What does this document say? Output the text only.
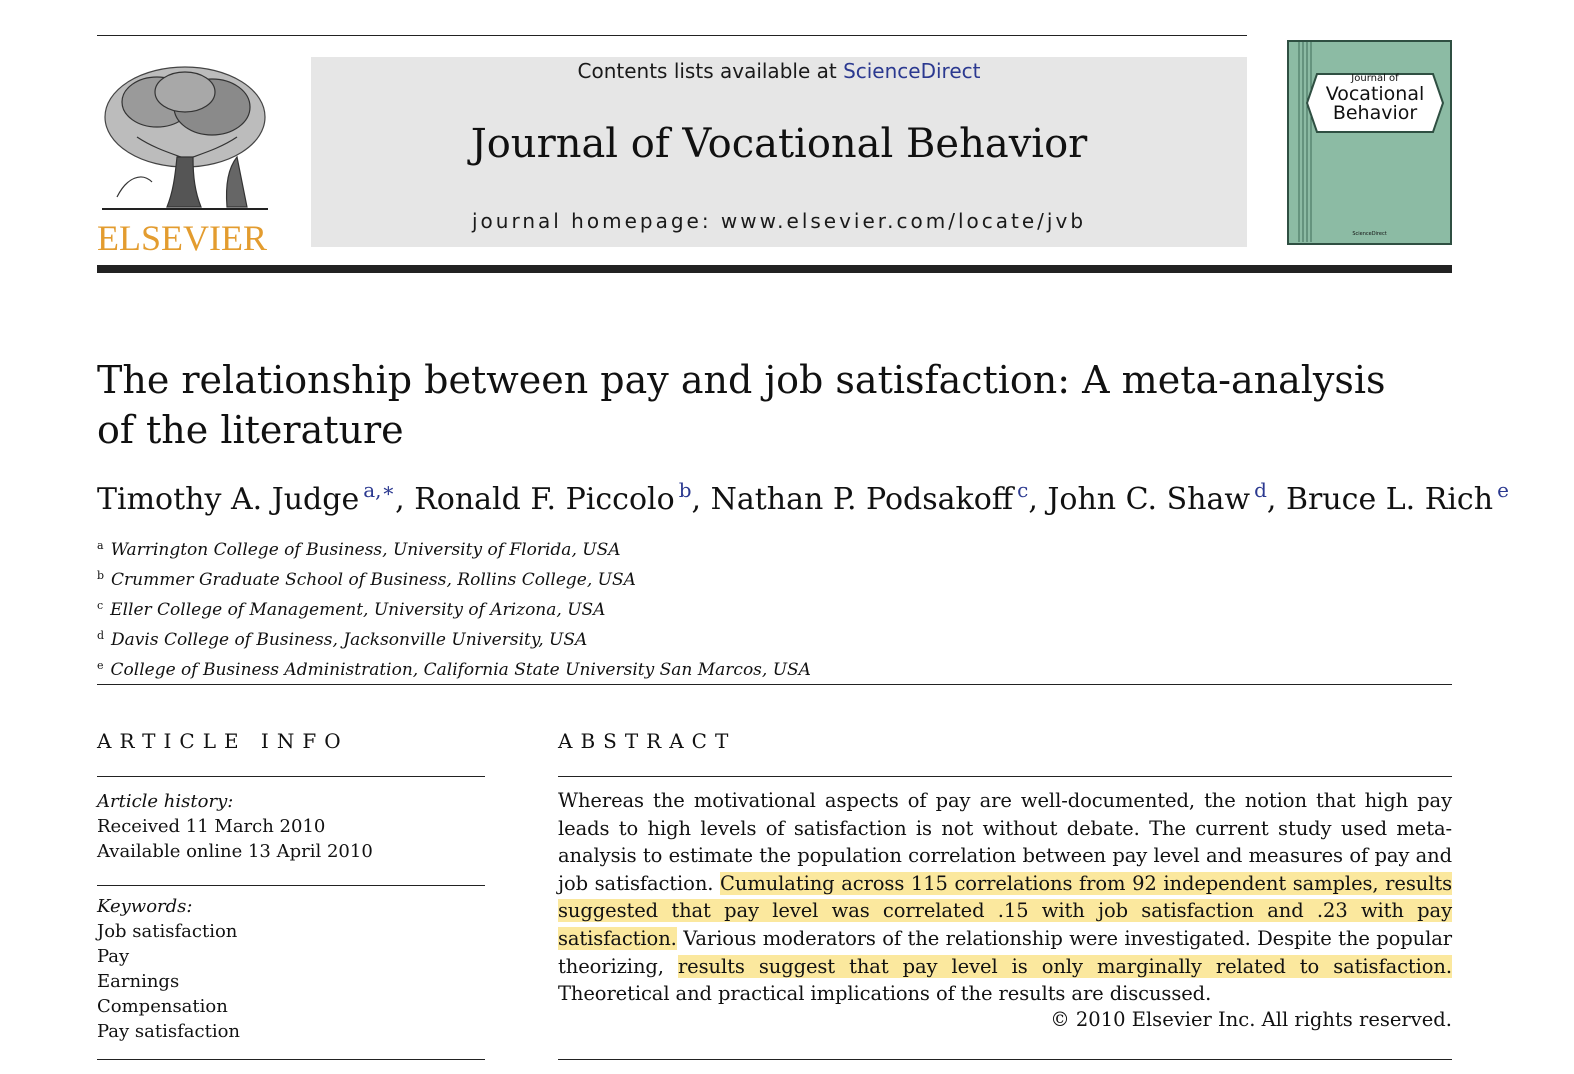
ELSEVIER
Contents lists available at ScienceDirect
Journal of Vocational Behavior
journal homepage: www.elsevier.com/locate/jvb
Journal of
Vocational
Behavior
ScienceDirect
The relationship between pay and job satisfaction: A meta-analysis
of the literature
Timothy A. Judge $^{a,∗}$, Ronald F. Piccolo $^b$, Nathan P. Podsakoff $^c$, John C. Shaw $^d$, Bruce L. Rich $^e$
$^a$ Warrington College of Business, University of Florida, USA
$^b$ Crummer Graduate School of Business, Rollins College, USA
$^c$ Eller College of Management, University of Arizona, USA
$^d$ Davis College of Business, Jacksonville University, USA
$^e$ College of Business Administration, California State University San Marcos, USA
ARTICLE INFO
Article history:
Received 11 March 2010
Available online 13 April 2010
Keywords:
Job satisfaction
Pay
Earnings
Compensation
Pay satisfaction
ABSTRACT
Whereas the motivational aspects of pay are well-documented, the notion that high pay leads to high levels of satisfaction is not without debate. The current study used meta-analysis to estimate the population correlation between pay level and measures of pay and job satisfaction. Cumulating across 115 correlations from 92 independent samples, results suggested that pay level was correlated .15 with job satisfaction and .23 with pay satisfaction. Various moderators of the relationship were investigated. Despite the popular theorizing, results suggest that pay level is only marginally related to satisfaction. Theoretical and practical implications of the results are discussed.
© 2010 Elsevier Inc. All rights reserved.
